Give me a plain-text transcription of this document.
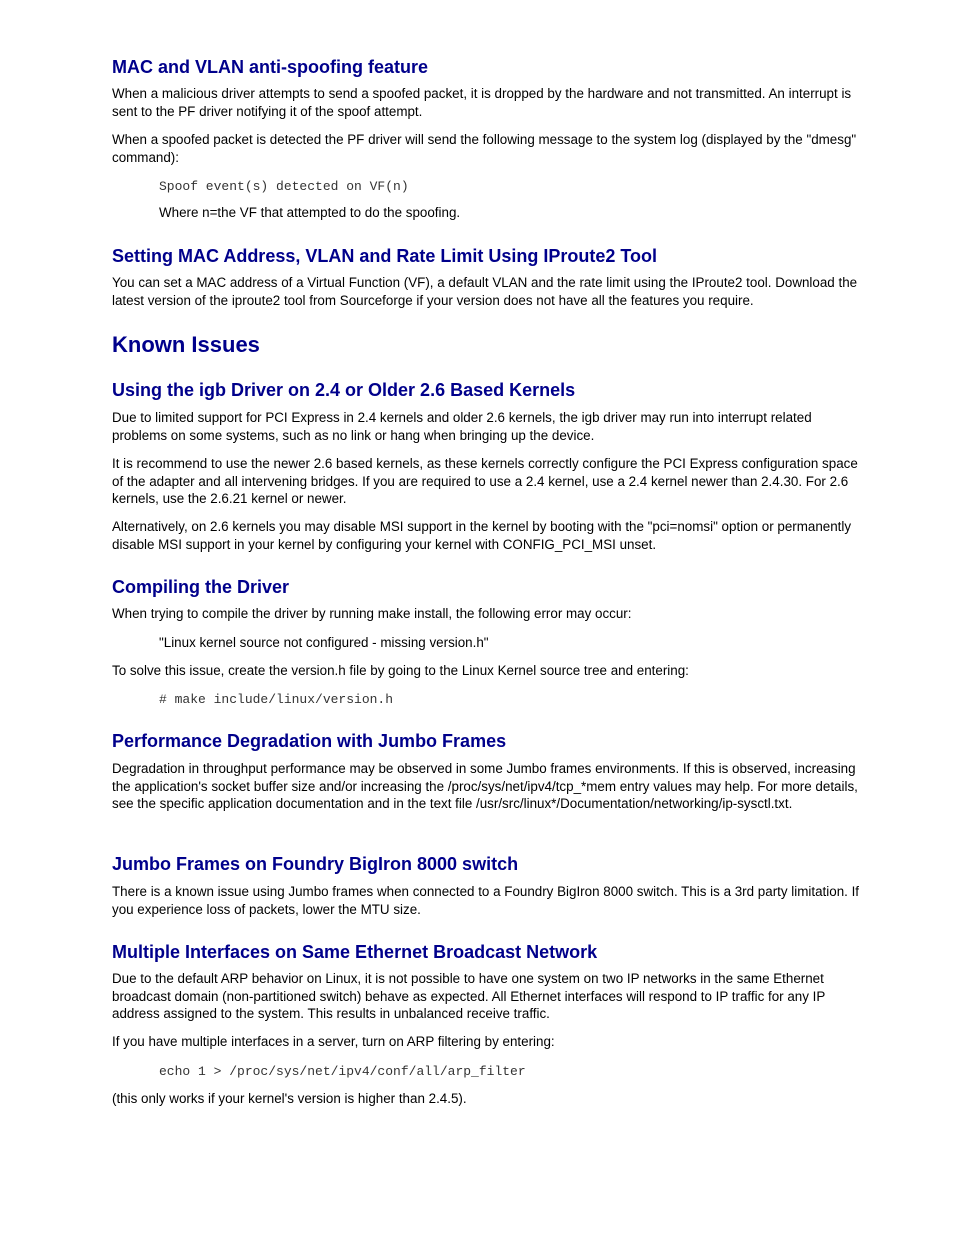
MAC and VLAN anti-spoofing feature

When a malicious driver attempts to send a spoofed packet, it is dropped by the hardware and not transmitted. An interrupt is sent to the PF driver notifying it of the spoof attempt.

When a spoofed packet is detected the PF driver will send the following message to the system log (displayed by the "dmesg" command):

Spoof event(s) detected on VF(n)

Where n=the VF that attempted to do the spoofing.

Setting MAC Address, VLAN and Rate Limit Using IProute2 Tool

You can set a MAC address of a Virtual Function (VF), a default VLAN and the rate limit using the IProute2 tool. Download the latest version of the iproute2 tool from Sourceforge if your version does not have all the features you require.

Known Issues
Using the igb Driver on 2.4 or Older 2.6 Based Kernels

Due to limited support for PCI Express in 2.4 kernels and older 2.6 kernels, the igb driver may run into interrupt related problems on some systems, such as no link or hang when bringing up the device.

It is recommend to use the newer 2.6 based kernels, as these kernels correctly configure the PCI Express configuration space of the adapter and all intervening bridges. If you are required to use a 2.4 kernel, use a 2.4 kernel newer than 2.4.30. For 2.6 kernels, use the 2.6.21 kernel or newer.

Alternatively, on 2.6 kernels you may disable MSI support in the kernel by booting with the "pci=nomsi" option or permanently disable MSI support in your kernel by configuring your kernel with CONFIG_PCI_MSI unset.

Compiling the Driver

When trying to compile the driver by running make install, the following error may occur:

"Linux kernel source not configured - missing version.h"

To solve this issue, create the version.h file by going to the Linux Kernel source tree and entering:

# make include/linux/version.h
Performance Degradation with Jumbo Frames

Degradation in throughput performance may be observed in some Jumbo frames environments. If this is observed, increasing the application's socket buffer size and/or increasing the /proc/sys/net/ipv4/tcp_*mem entry values may help. For more details, see the specific application documentation and in the text file /usr/src/linux*/Documentation/networking/ip-sysctl.txt.

Jumbo Frames on Foundry BigIron 8000 switch

There is a known issue using Jumbo frames when connected to a Foundry BigIron 8000 switch. This is a 3rd party limitation. If you experience loss of packets, lower the MTU size.

Multiple Interfaces on Same Ethernet Broadcast Network

Due to the default ARP behavior on Linux, it is not possible to have one system on two IP networks in the same Ethernet broadcast domain (non-partitioned switch) behave as expected. All Ethernet interfaces will respond to IP traffic for any IP address assigned to the system. This results in unbalanced receive traffic.

If you have multiple interfaces in a server, turn on ARP filtering by entering:

echo 1 > /proc/sys/net/ipv4/conf/all/arp_filter

(this only works if your kernel's version is higher than 2.4.5).
